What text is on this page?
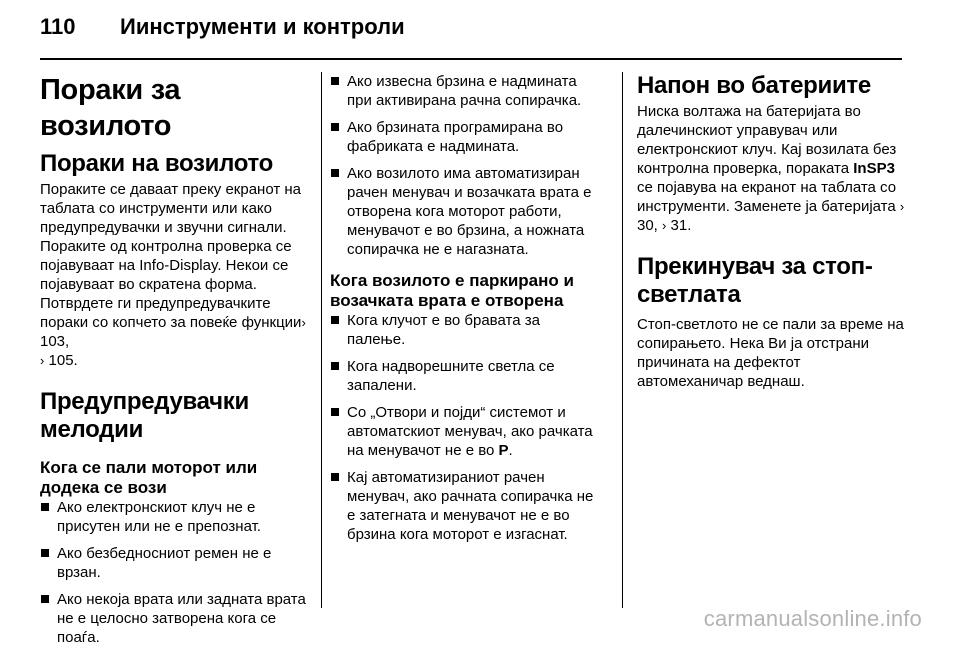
110	Иинструменти и контроли
Пораки за возилото
Пораки на возилото

Пораките се даваат преку екранот на таблата со инструменти или како предупредувачки и звучни сигнали. Пораките од контролна проверка се појавуваат на Info-Display. Некои се појавуваат во скратена форма. Потврдете ги предупредувачките пораки со копчето за повеќе функции› 103,
› 105.

Предупредувачки мелодии
Кога се пали моторот или додека се вози
Ако електронскиот клуч не е присутен или не е препознат.
Ако безбедносниот ремен не е врзан.
Ако некоја врата или задната врата не е целосно затворена кога се поаѓа.
Ако извесна брзина е надмината при активирана рачна сопирачка.
Ако брзината програмирана во фабриката е надмината.
Ако возилото има автоматизиран рачен менувач и возачката врата е отворена кога моторот работи, менувачот е во брзина, а ножната сопирачка не е нагазната.
Кога возилото е паркирано и возачката врата е отворена
Кога клучот е во бравата за палење.
Кога надворешните светла се запалени.
Со „Отвори и појди“ системот и автоматскиот менувач, ако рачката на менувачот не е во P.
Кај автоматизираниот рачен менувач, ако рачната сопирачка не е затегната и менувачот не е во брзина кога моторот е изгаснат.
Напон во батериите

Ниска волтажа на батеријата во далечинскиот управувач или електронскиот клуч. Кај возилата без контролна проверка, пораката InSP3 се појавува на екранот на таблата со инструменти. Заменете ја батеријата › 30, › 31.

Прекинувач за стоп-светлата

Стоп-светлото не се пали за време на сопирањето. Нека Ви ја отстрани причината на дефектот автомеханичар веднаш.

carmanualsonline.info
